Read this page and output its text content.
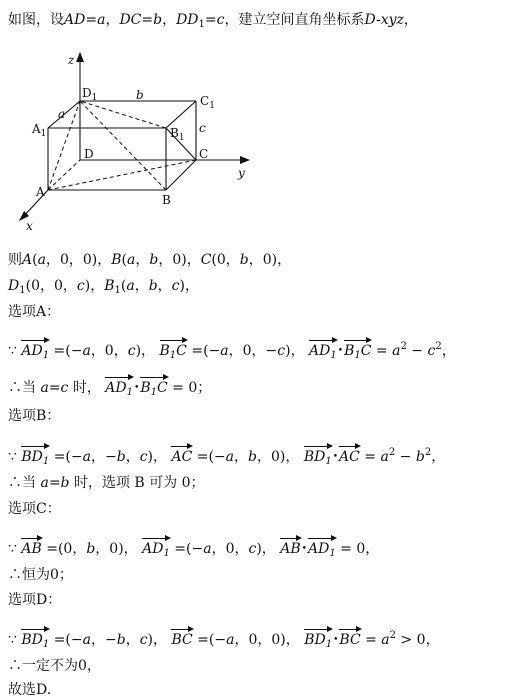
如图，设AD=a，DC=b，$DD_1=c$，建立空间直角坐标系D-xyz，
z
y
x
$D_1$	$C_1$
$A_1$	$B_1$
D	C
A
B
a
b
c
则A(a，0，0)，B(a，b，0)，C(0，b，0)，
$D_1(0$，0，c)，$B_1(a$，b，c)，
选项A：
∵ $AD_1 =(-a$，0，c)， $B_1C =(-a$，0，−c)， $AD_1•B_1C = a^2 - c^2$，
∴当 a=c 时， $AD_1•B_1C = 0$；
选项B：
∵ $BD_1 =(-a$，−b，c)， AC =(−a，b，0)， $BD_1•AC = a^2 - b^2$，
∴当 a=b 时，选项 B 可为 0；
选项C：
∵ AB =(0，b，0)， $AD_1 =(-a$，0，c)， $AB•AD_1 = 0$，
∴恒为0；
选项D：
∵ $BD_1 =(-a$，−b，c)， BC =(−a，0，0)， $BD_1•BC = a^2 > 0$，
∴一定不为0，
故选D.
